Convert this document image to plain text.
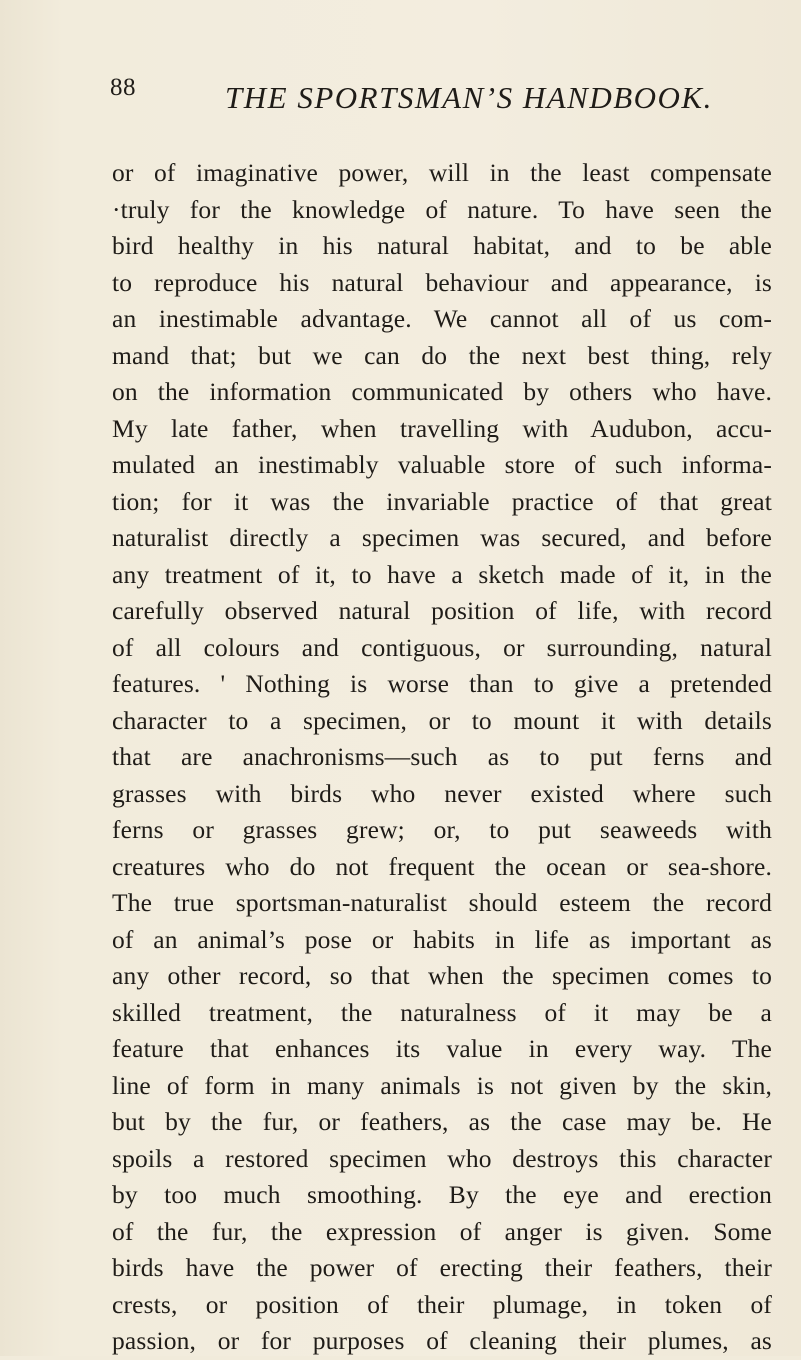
88	THE SPORTSMAN’S HANDBOOK.
or of imaginative power, will in the least compensate
·truly for the knowledge of nature. To have seen the
bird healthy in his natural habitat, and to be able
to reproduce his natural behaviour and appearance, is
an inestimable advantage. We cannot all of us com-
mand that; but we can do the next best thing, rely
on the information communicated by others who have.
My late father, when travelling with Audubon, accu-
mulated an inestimably valuable store of such informa-
tion; for it was the invariable practice of that great
naturalist directly a specimen was secured, and before
any treatment of it, to have a sketch made of it, in the
carefully observed natural position of life, with record
of all colours and contiguous, or surrounding, natural
features. ' Nothing is worse than to give a pretended
character to a specimen, or to mount it with details
that are anachronisms—such as to put ferns and
grasses with birds who never existed where such
ferns or grasses grew; or, to put seaweeds with
creatures who do not frequent the ocean or sea-shore.
The true sportsman-naturalist should esteem the record
of an animal’s pose or habits in life as important as
any other record, so that when the specimen comes to
skilled treatment, the naturalness of it may be a
feature that enhances its value in every way. The
line of form in many animals is not given by the skin,
but by the fur, or feathers, as the case may be. He
spoils a restored specimen who destroys this character
by too much smoothing. By the eye and erection
of the fur, the expression of anger is given. Some
birds have the power of erecting their feathers, their
crests, or position of their plumage, in token of
passion, or for purposes of cleaning their plumes, as
